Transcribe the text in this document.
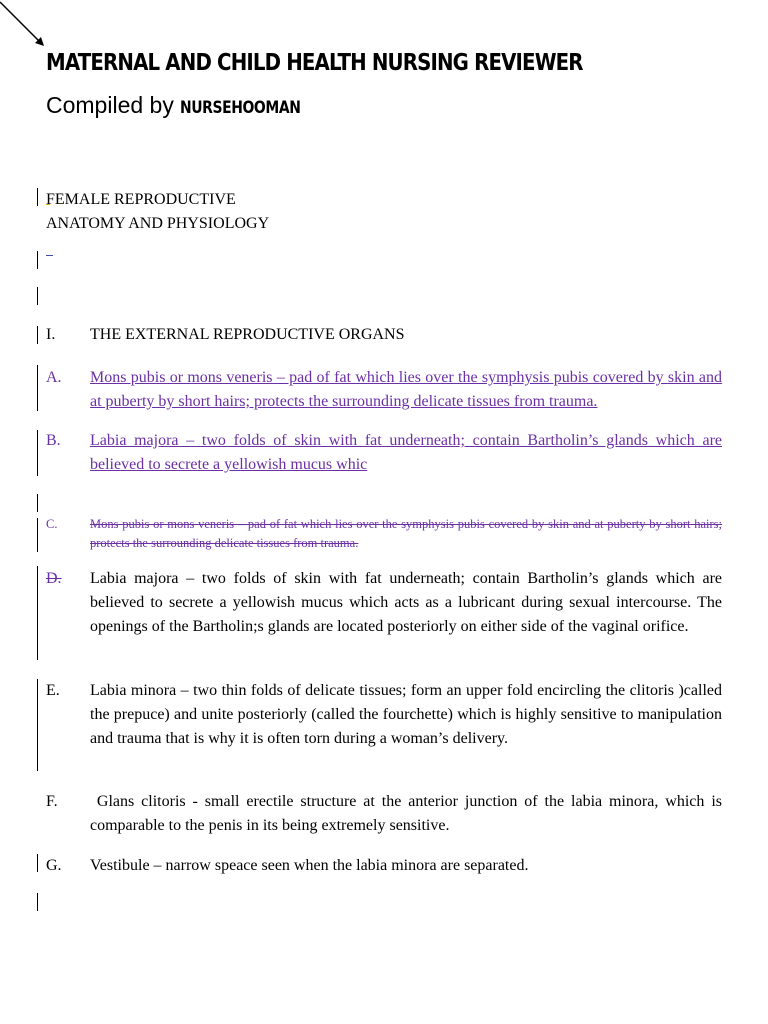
MATERNAL AND CHILD HEALTH NURSING REVIEWER
Compiled by NURSEHOOMAN
FEMALE REPRODUCTIVE
ANATOMY AND PHYSIOLOGY
I. THE EXTERNAL REPRODUCTIVE ORGANS
A. Mons pubis or mons veneris – pad of fat which lies over the symphysis pubis covered by skin and at puberty by short hairs; protects the surrounding delicate tissues from trauma.
B. Labia majora – two folds of skin with fat underneath; contain Bartholin’s glands which are believed to secrete a yellowish mucus whic
C.	Mons pubis or mons veneris – pad of fat which lies over the symphysis pubis covered by skin and at puberty by short hairs; protects the surrounding delicate tissues from trauma.
D. Labia majora – two folds of skin with fat underneath; contain Bartholin’s glands which are believed to secrete a yellowish mucus which acts as a lubricant during sexual intercourse. The openings of the Bartholin;s glands are located posteriorly on either side of the vaginal orifice.
E. Labia minora – two thin folds of delicate tissues; form an upper fold encircling the clitoris )called the prepuce) and unite posteriorly (called the fourchette) which is highly sensitive to manipulation and trauma that is why it is often torn during a woman’s delivery.
F. Glans clitoris - small erectile structure at the anterior junction of the labia minora, which is comparable to the penis in its being extremely sensitive.
G. Vestibule – narrow speace seen when the labia minora are separated.
